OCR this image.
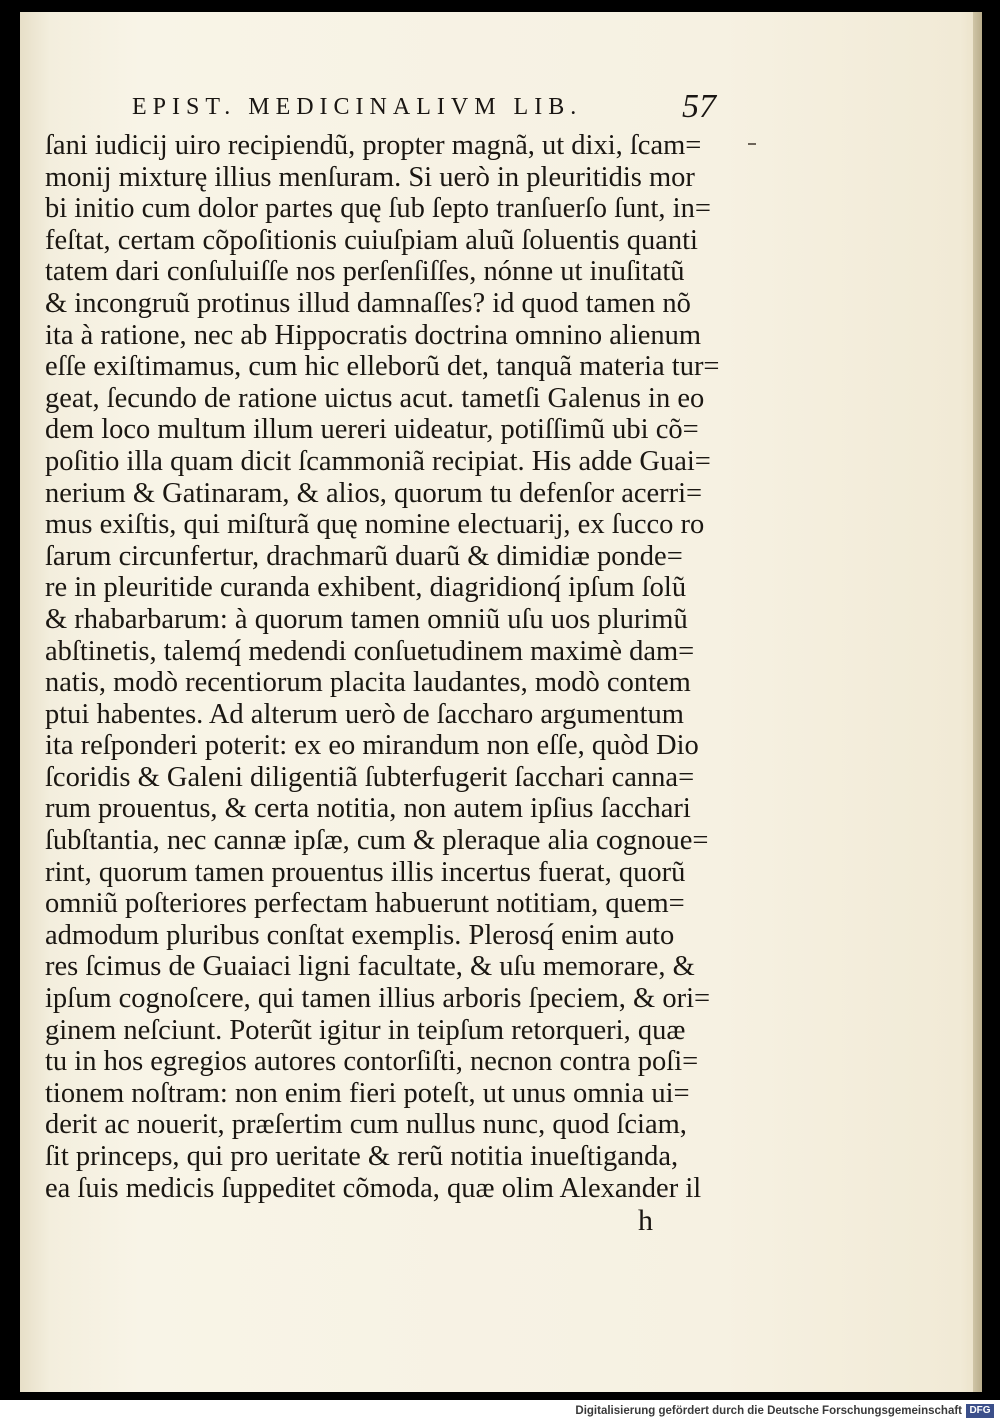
EPIST. MEDICINALIVM LIB.	57
ſani iudicij uiro recipiendũ, propter magnã, ut dixi, ſcam=
monij mixturę illius menſuram. Si uerò in pleuritidis mor
bi initio cum dolor partes quę ſub ſepto tranſuerſo ſunt, in=
feſtat, certam cõpoſitionis cuiuſpiam aluũ ſoluentis quanti
tatem dari conſuluiſſe nos perſenſiſſes, nónne ut inuſitatũ
& incongruũ protinus illud damnaſſes? id quod tamen nõ
ita à ratione, nec ab Hippocratis doctrina omnino alienum
eſſe exiſtimamus, cum hic elleborũ det, tanquã materia tur=
geat, ſecundo de ratione uictus acut. tametſi Galenus in eo
dem loco multum illum uereri uideatur, potiſſimũ ubi cõ=
poſitio illa quam dicit ſcammoniã recipiat. His adde Guai=
nerium & Gatinaram, & alios, quorum tu defenſor acerri=
mus exiſtis, qui miſturã quę nomine electuarij, ex ſucco ro
ſarum circunfertur, drachmarũ duarũ & dimidiæ ponde=
re in pleuritide curanda exhibent, diagridionq́ ipſum ſolũ
& rhabarbarum: à quorum tamen omniũ uſu uos plurimũ
abſtinetis, talemq́ medendi conſuetudinem maximè dam=
natis, modò recentiorum placita laudantes, modò contem
ptui habentes. Ad alterum uerò de ſaccharo argumentum
ita reſponderi poterit: ex eo mirandum non eſſe, quòd Dio
ſcoridis & Galeni diligentiã ſubterfugerit ſacchari canna=
rum prouentus, & certa notitia, non autem ipſius ſacchari
ſubſtantia, nec cannæ ipſæ, cum & pleraque alia cognoue=
rint, quorum tamen prouentus illis incertus fuerat, quorũ
omniũ poſteriores perfectam habuerunt notitiam, quem=
admodum pluribus conſtat exemplis. Plerosq́ enim auto
res ſcimus de Guaiaci ligni facultate, & uſu memorare, &
ipſum cognoſcere, qui tamen illius arboris ſpeciem, & ori=
ginem neſciunt. Poterũt igitur in teipſum retorqueri, quæ
tu in hos egregios autores contorſiſti, necnon contra poſi=
tionem noſtram: non enim fieri poteſt, ut unus omnia ui=
derit ac nouerit, præſertim cum nullus nunc, quod ſciam,
ſit princeps, qui pro ueritate & rerũ notitia inueſtiganda,
ea ſuis medicis ſuppeditet cõmoda, quæ olim Alexander il
h
Digitalisierung gefördert durch die Deutsche Forschungsgemeinschaft DFG
